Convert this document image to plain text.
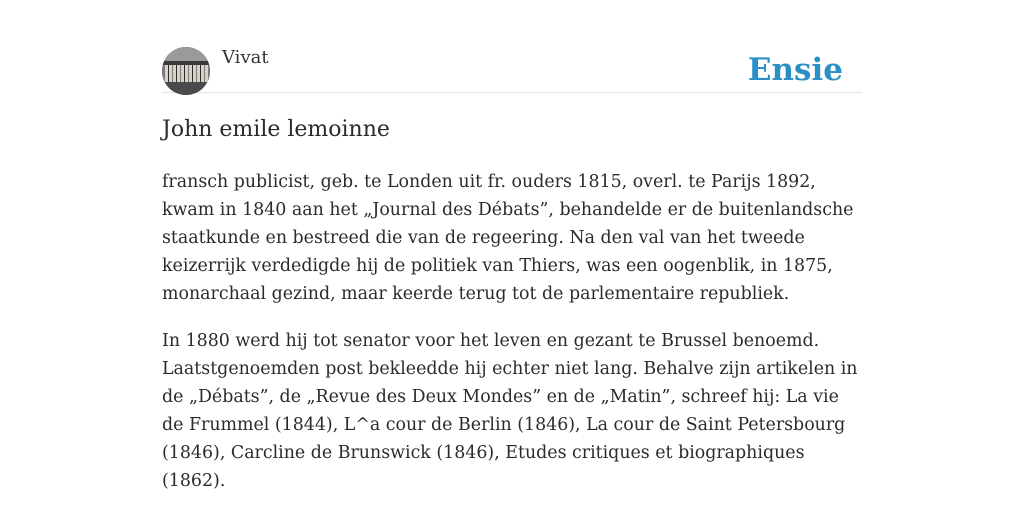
Vivat	Ensie
John emile lemoinne

fransch publicist, geb. te Londen uit fr. ouders 1815, overl. te Parijs 1892, kwam in 1840 aan het „Journal des Débats”, behandelde er de buitenlandsche staatkunde en bestreed die van de regeering. Na den val van het tweede keizerrijk verdedigde hij de politiek van Thiers, was een oogenblik, in 1875, monarchaal gezind, maar keerde terug tot de parlementaire republiek.

In 1880 werd hij tot senator voor het leven en gezant te Brussel benoemd. Laatstgenoemden post bekleedde hij echter niet lang. Behalve zijn artikelen in de „Débats”, de „Revue des Deux Mondes” en de „Matin”, schreef hij: La vie de Frummel (1844), L^a cour de Berlin (1846), La cour de Saint Petersbourg (1846), Carcline de Brunswick (1846), Etudes critiques et biographiques (1862).
